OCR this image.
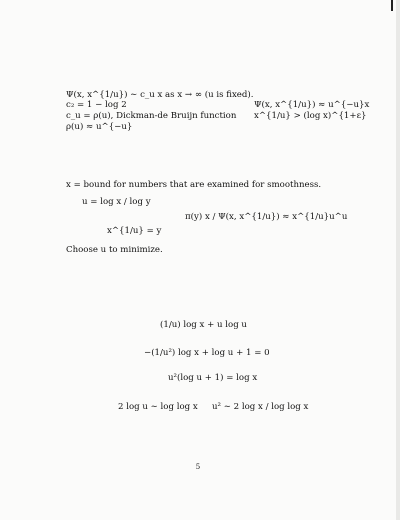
Ψ(x, x^{1/u}) ∼ c_u x as x → ∞ (u is fixed).
c₂ = 1 − log 2
c_u = ρ(u), Dickman-de Bruijn function
ρ(u) ≈ u^{−u}
Ψ(x, x^{1/u}) ≈ u^{−u}x
x^{1/u} > (log x)^{1+ε}
x = bound for numbers that are examined for smoothness.
u = log x / log y
π(y) x / Ψ(x, x^{1/u}) ≈ x^{1/u}u^u
x^{1/u} = y
Choose u to minimize.
(1/u) log x + u log u
−(1/u²) log x + log u + 1 = 0
u²(log u + 1) = log x
2 log u ∼ log log x u² ∼ 2 log x / log log x
5
